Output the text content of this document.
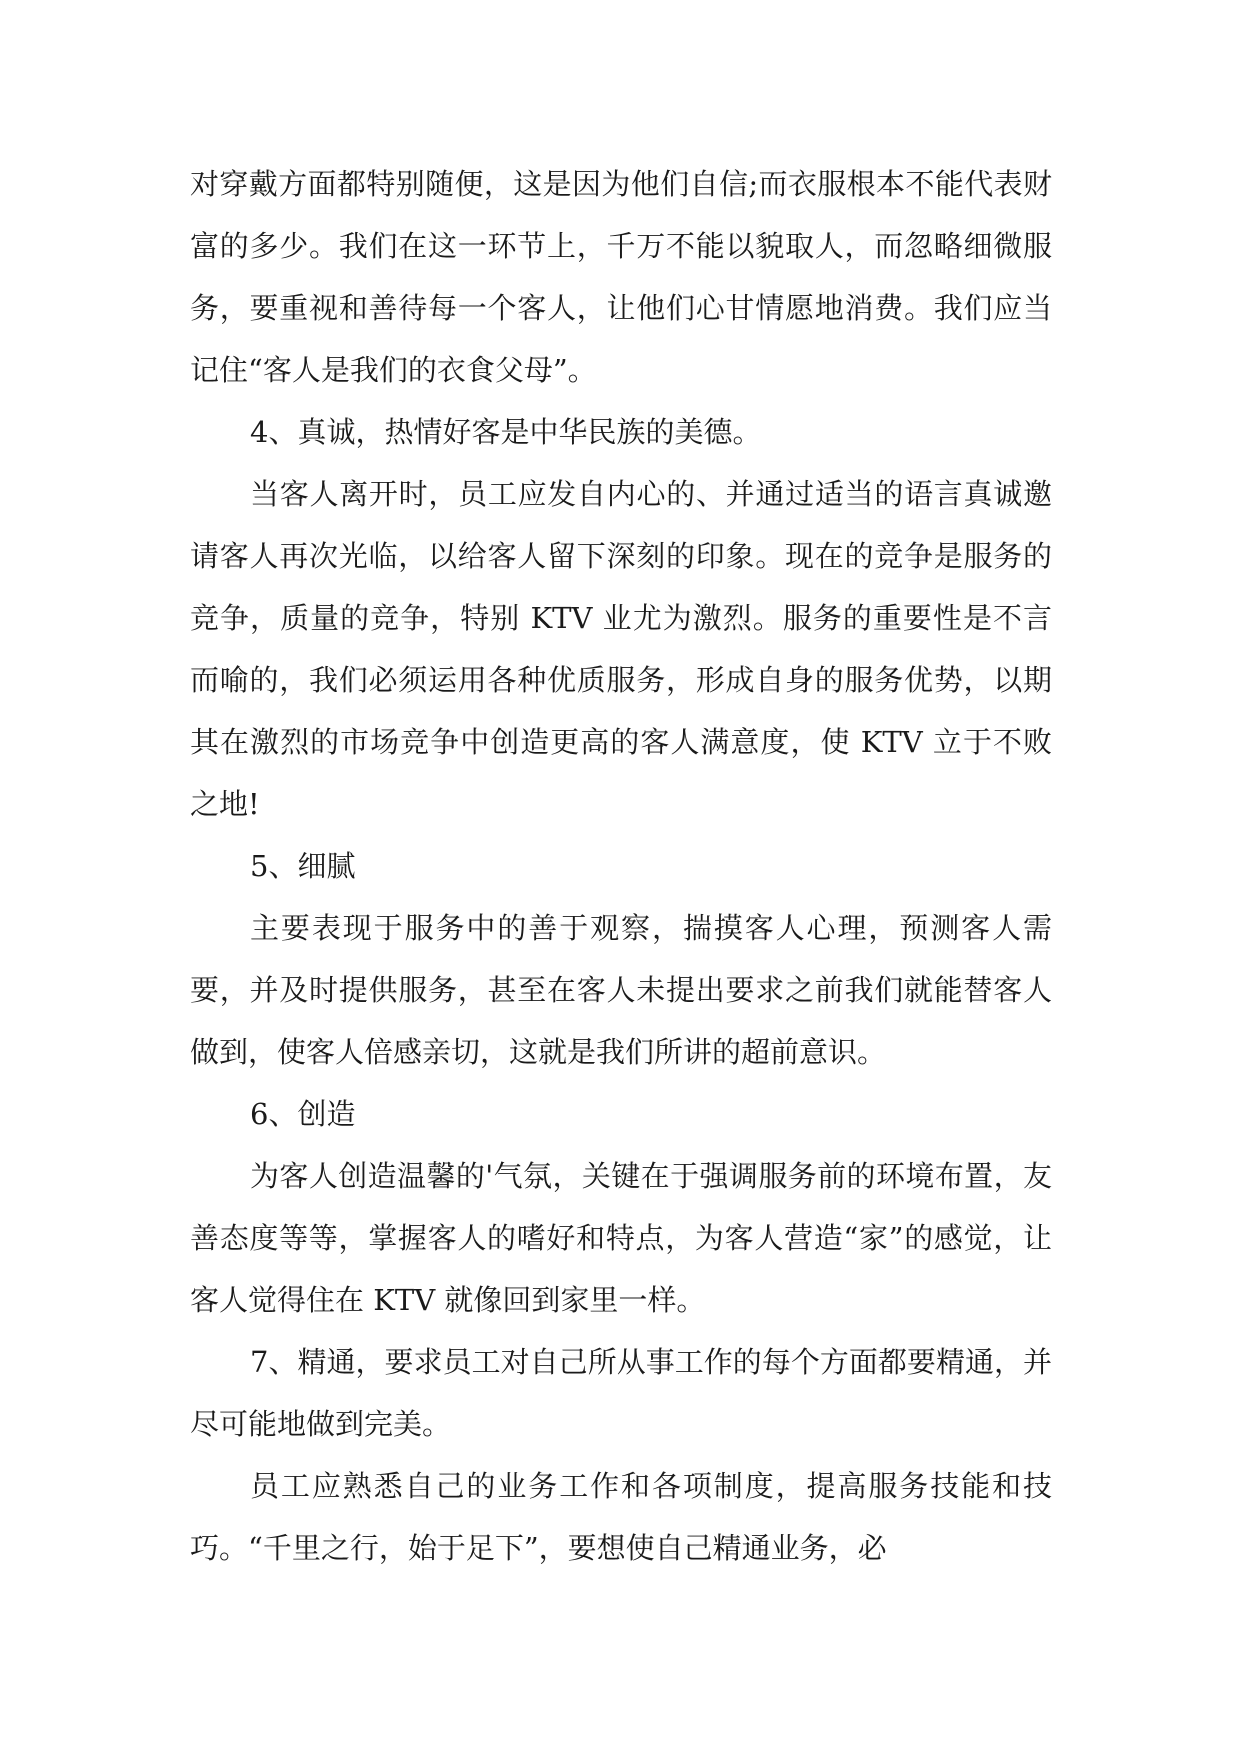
对穿戴方面都特别随便，这是因为他们自信;而衣服根本不能代表财富的多少。我们在这一环节上，千万不能以貌取人，而忽略细微服务，要重视和善待每一个客人，让他们心甘情愿地消费。我们应当记住“客人是我们的衣食父母”。

4、真诚，热情好客是中华民族的美德。

当客人离开时，员工应发自内心的、并通过适当的语言真诚邀请客人再次光临，以给客人留下深刻的印象。现在的竞争是服务的竞争，质量的竞争，特别 KTV 业尤为激烈。服务的重要性是不言而喻的，我们必须运用各种优质服务，形成自身的服务优势，以期其在激烈的市场竞争中创造更高的客人满意度，使 KTV 立于不败之地!

5、细腻

主要表现于服务中的善于观察，揣摸客人心理，预测客人需要，并及时提供服务，甚至在客人未提出要求之前我们就能替客人做到，使客人倍感亲切，这就是我们所讲的超前意识。

6、创造

为客人创造温馨的'气氛，关键在于强调服务前的环境布置，友善态度等等，掌握客人的嗜好和特点，为客人营造“家”的感觉，让客人觉得住在 KTV 就像回到家里一样。

7、精通，要求员工对自己所从事工作的每个方面都要精通，并尽可能地做到完美。

员工应熟悉自己的业务工作和各项制度，提高服务技能和技巧。“千里之行，始于足下”，要想使自己精通业务，必
